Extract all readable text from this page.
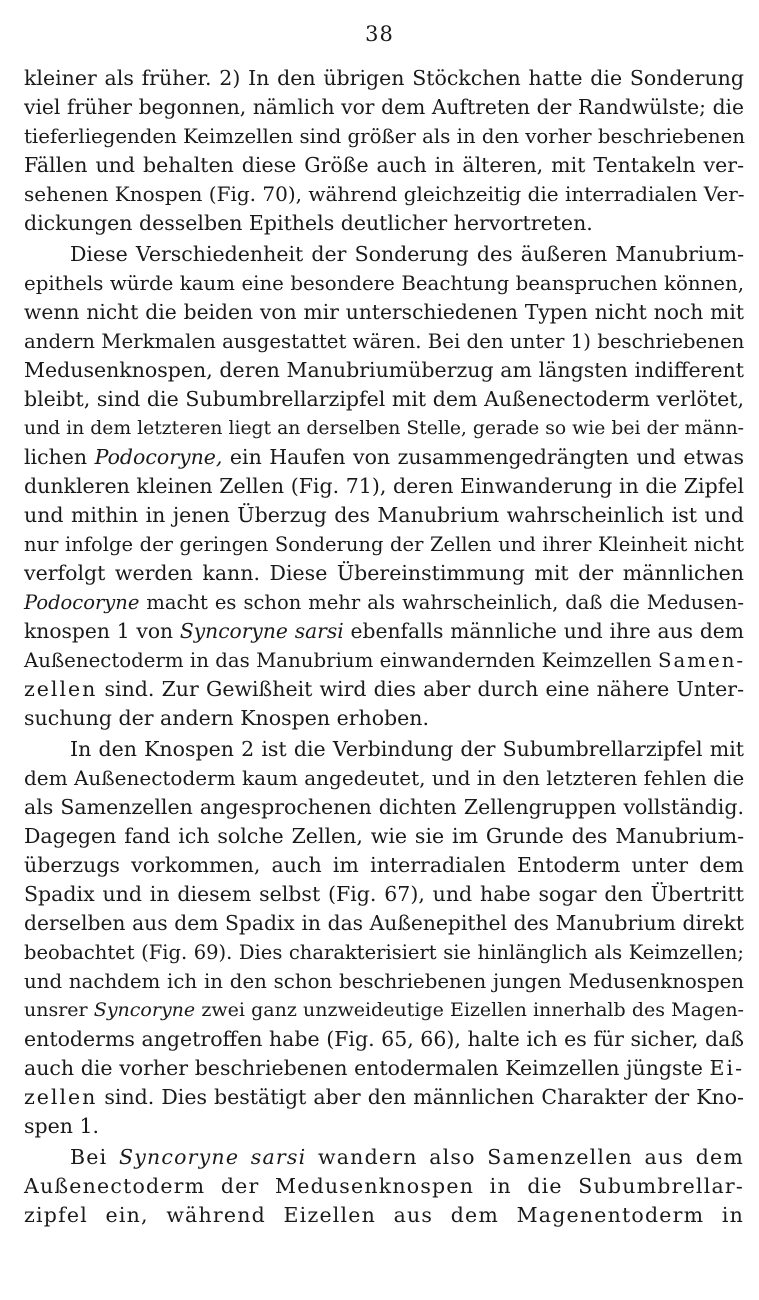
38
kleiner als früher. 2) In den übrigen Stöckchen hatte die Sonderung
viel früher begonnen, nämlich vor dem Auftreten der Randwülste; die
tieferliegenden Keimzellen sind größer als in den vorher beschriebenen
Fällen und behalten diese Größe auch in älteren, mit Tentakeln ver-
sehenen Knospen (Fig. 70), während gleichzeitig die interradialen Ver-
dickungen desselben Epithels deutlicher hervortreten.
Diese Verschiedenheit der Sonderung des äußeren Manubrium-
epithels würde kaum eine besondere Beachtung beanspruchen können,
wenn nicht die beiden von mir unterschiedenen Typen nicht noch mit
andern Merkmalen ausgestattet wären. Bei den unter 1) beschriebenen
Medusenknospen, deren Manubriumüberzug am längsten indifferent
bleibt, sind die Subumbrellarzipfel mit dem Außenectoderm verlötet,
und in dem letzteren liegt an derselben Stelle, gerade so wie bei der männ-
lichen Podocoryne, ein Haufen von zusammengedrängten und etwas
dunkleren kleinen Zellen (Fig. 71), deren Einwanderung in die Zipfel
und mithin in jenen Überzug des Manubrium wahrscheinlich ist und
nur infolge der geringen Sonderung der Zellen und ihrer Kleinheit nicht
verfolgt werden kann. Diese Übereinstimmung mit der männlichen
Podocoryne macht es schon mehr als wahrscheinlich, daß die Medusen-
knospen 1 von Syncoryne sarsi ebenfalls männliche und ihre aus dem
Außenectoderm in das Manubrium einwandernden Keimzellen Samen-
zellen sind. Zur Gewißheit wird dies aber durch eine nähere Unter-
suchung der andern Knospen erhoben.
In den Knospen 2 ist die Verbindung der Subumbrellarzipfel mit
dem Außenectoderm kaum angedeutet, und in den letzteren fehlen die
als Samenzellen angesprochenen dichten Zellengruppen vollständig.
Dagegen fand ich solche Zellen, wie sie im Grunde des Manubrium-
überzugs vorkommen, auch im interradialen Entoderm unter dem
Spadix und in diesem selbst (Fig. 67), und habe sogar den Übertritt
derselben aus dem Spadix in das Außenepithel des Manubrium direkt
beobachtet (Fig. 69). Dies charakterisiert sie hinlänglich als Keimzellen;
und nachdem ich in den schon beschriebenen jungen Medusenknospen
unsrer Syncoryne zwei ganz unzweideutige Eizellen innerhalb des Magen-
entoderms angetroffen habe (Fig. 65, 66), halte ich es für sicher, daß
auch die vorher beschriebenen entodermalen Keimzellen jüngste Ei-
zellen sind. Dies bestätigt aber den männlichen Charakter der Kno-
spen 1.
Bei Syncoryne sarsi wandern also Samenzellen aus dem
Außenectoderm der Medusenknospen in die Subumbrellar-
zipfel ein, während Eizellen aus dem Magenentoderm in
